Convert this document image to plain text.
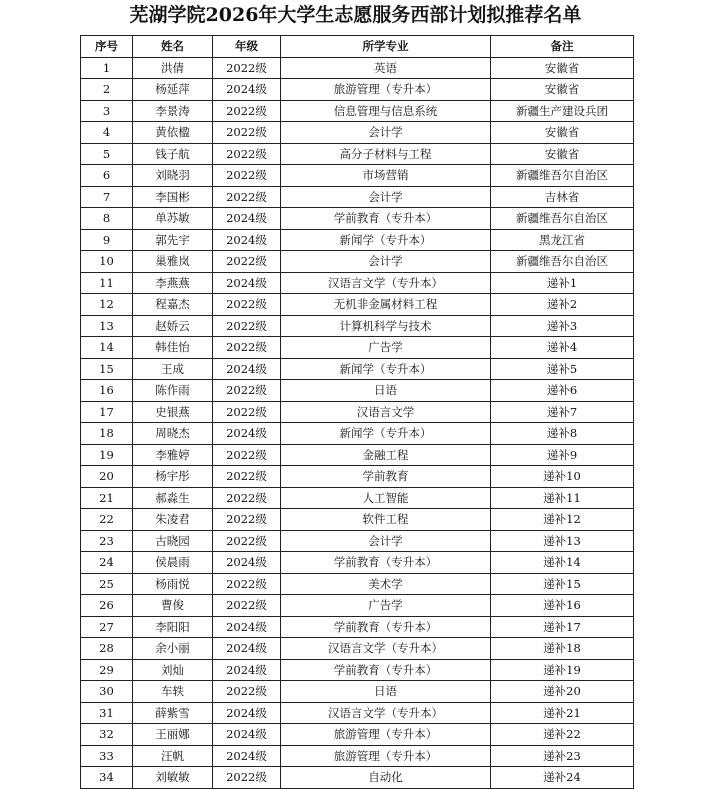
芜湖学院2026年大学生志愿服务西部计划拟推荐名单
序号	姓名	年级	所学专业	备注
1	洪倩	2022级	英语	安徽省
2	杨延萍	2024级	旅游管理（专升本）	安徽省
3	李景涛	2022级	信息管理与信息系统	新疆生产建设兵团
4	黄依楹	2022级	会计学	安徽省
5	钱子航	2022级	高分子材料与工程	安徽省
6	刘晓羽	2022级	市场营销	新疆维吾尔自治区
7	李国彬	2022级	会计学	吉林省
8	单苏敏	2024级	学前教育（专升本）	新疆维吾尔自治区
9	郭先宇	2024级	新闻学（专升本）	黑龙江省
10	巢雅岚	2022级	会计学	新疆维吾尔自治区
11	李燕燕	2024级	汉语言文学（专升本）	递补1
12	程嘉杰	2022级	无机非金属材料工程	递补2
13	赵娇云	2022级	计算机科学与技术	递补3
14	韩佳怡	2022级	广告学	递补4
15	王成	2024级	新闻学（专升本）	递补5
16	陈作雨	2022级	日语	递补6
17	史银燕	2022级	汉语言文学	递补7
18	周晓杰	2024级	新闻学（专升本）	递补8
19	李雅婷	2022级	金融工程	递补9
20	杨宇彤	2022级	学前教育	递补10
21	郝淼生	2022级	人工智能	递补11
22	朱凌君	2022级	软件工程	递补12
23	古晓园	2022级	会计学	递补13
24	侯晨雨	2024级	学前教育（专升本）	递补14
25	杨雨悦	2022级	美术学	递补15
26	曹俊	2022级	广告学	递补16
27	李阳阳	2024级	学前教育（专升本）	递补17
28	余小丽	2024级	汉语言文学（专升本）	递补18
29	刘灿	2024级	学前教育（专升本）	递补19
30	车轶	2022级	日语	递补20
31	薛紫雪	2024级	汉语言文学（专升本）	递补21
32	王丽娜	2024级	旅游管理（专升本）	递补22
33	汪帆	2024级	旅游管理（专升本）	递补23
34	刘敏敏	2022级	自动化	递补24
